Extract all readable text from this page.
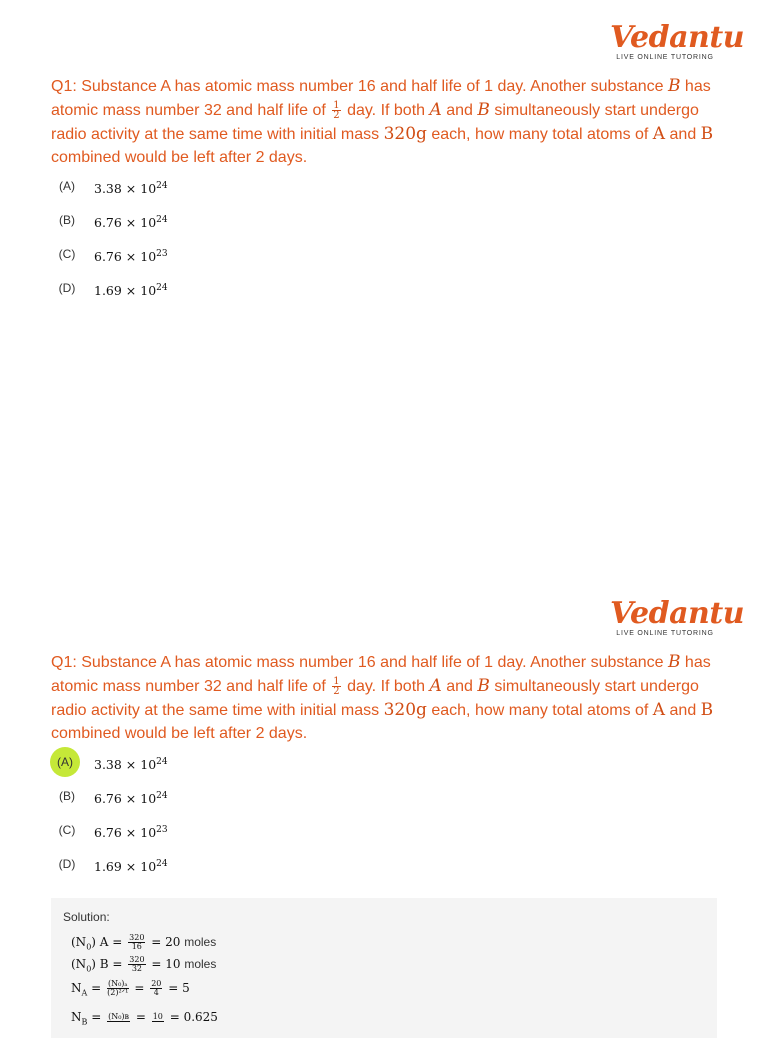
Vedantu
LIVE ONLINE TUTORING
Q1: Substance A has atomic mass number 16 and half life of 1 day. Another substance B has atomic mass number 32 and half life of $\frac{1}{2}$ day. If both A and B simultaneously start undergo radio activity at the same time with initial mass 320g each, how many total atoms of A and B combined would be left after 2 days.
(A)	$3.38 \times 10^{24}$
(B)	$6.76 \times 10^{24}$
(C)	$6.76 \times 10^{23}$
(D)	$1.69 \times 10^{24}$
Vedantu
LIVE ONLINE TUTORING
Q1: Substance A has atomic mass number 16 and half life of 1 day. Another substance B has atomic mass number 32 and half life of $\frac{1}{2}$ day. If both A and B simultaneously start undergo radio activity at the same time with initial mass 320g each, how many total atoms of A and B combined would be left after 2 days.
(A)	$3.38 \times 10^{24}$
(B)	$6.76 \times 10^{24}$
(C)	$6.76 \times 10^{23}$
(D)	$1.69 \times 10^{24}$
Solution:
$(N_0) A = \frac{320}{16} = 20$ moles
$(N_0) B = \frac{320}{32} = 10$ moles
$N_A = \frac{\text{(N₀)ₐ}}{\text{(2)²ᐟ¹}} = \frac{20}{4} = 5$
$N_B$ = (N₀)ʙ = 10 = 0.625
